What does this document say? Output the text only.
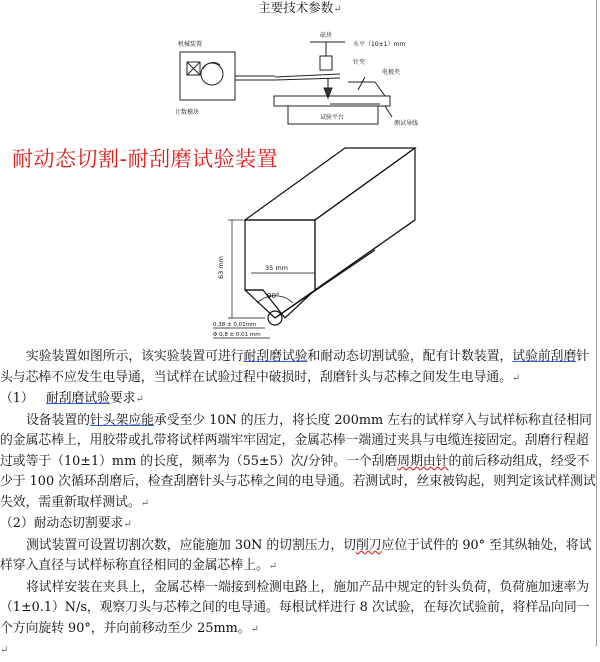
主要技术参数↵
机械装置
计数模块
砝块
水平（10±1）mm
针夹
电极夹
试验平台
测试导线
耐动态切割-耐刮磨试验装置
63 mm	35 mm
90°
0,38 ± 0,01mm
Φ 0,8 ± 0,01 mm

实验装置如图所示，该实验装置可进行耐刮磨试验和耐动态切割试验，配有计数装置，试验前刮磨针头与芯棒不应发生电导通，当试样在试验过程中破损时，刮磨针头与芯棒之间发生电导通。↵

（1） 耐刮磨试验要求↵

设备装置的针头架应能承受至少 10N 的压力，将长度 200mm 左右的试样穿入与试样标称直径相同的金属芯棒上，用胶带或扎带将试样两端牢牢固定，金属芯棒一端通过夹具与电缆连接固定。刮磨行程超过或等于（10±1）mm 的长度，频率为（55±5）次/分钟。一个刮磨周期由针的前后移动组成，经受不少于 100 次循环刮磨后，检查刮磨针头与芯棒之间的电导通。若测试时，丝束被钩起，则判定该试样测试失效，需重新取样测试。↵

（2）耐动态切割要求↵

测试装置可设置切割次数，应能施加 30N 的切割压力，切削刀应位于试件的 90° 至其纵轴处，将试样穿入直径与试样标称直径相同的金属芯棒上。↵

将试样安装在夹具上，金属芯棒一端接到检测电路上，施加产品中规定的针头负荷，负荷施加速率为（1±0.1）N/s，观察刀头与芯棒之间的电导通。每根试样进行 8 次试验，在每次试验前，将样品向同一个方向旋转 90°，并向前移动至少 25mm。↵

↵
